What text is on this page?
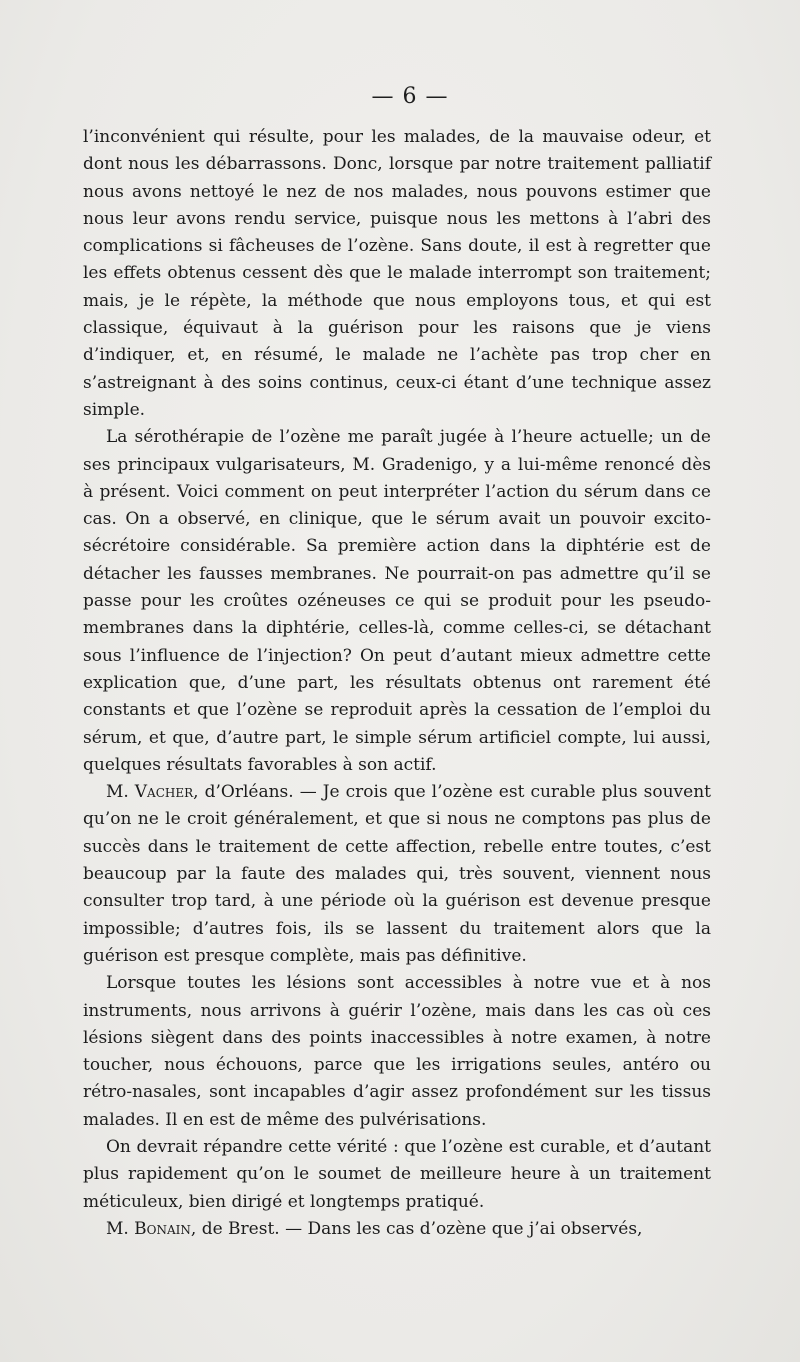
— 6 —

l’inconvénient qui résulte, pour les malades, de la mauvaise odeur, et dont nous les débarrassons. Donc, lorsque par notre traitement palliatif nous avons nettoyé le nez de nos malades, nous pouvons estimer que nous leur avons rendu service, puisque nous les mettons à l’abri des complications si fâcheuses de l’ozène. Sans doute, il est à regretter que les effets obtenus cessent dès que le malade interrompt son traitement; mais, je le répète, la méthode que nous employons tous, et qui est classique, équivaut à la guérison pour les raisons que je viens d’indiquer, et, en résumé, le malade ne l’achète pas trop cher en s’astreignant à des soins continus, ceux-ci étant d’une technique assez simple.

La sérothérapie de l’ozène me paraît jugée à l’heure actuelle; un de ses principaux vulgarisateurs, M. Gradenigo, y a lui-même renoncé dès à présent. Voici comment on peut interpréter l’action du sérum dans ce cas. On a observé, en clinique, que le sérum avait un pouvoir excito-sécrétoire considérable. Sa première action dans la diphtérie est de détacher les fausses membranes. Ne pourrait-on pas admettre qu’il se passe pour les croûtes ozéneuses ce qui se produit pour les pseudo-membranes dans la diphtérie, celles-là, comme celles-ci, se détachant sous l’influence de l’injection? On peut d’autant mieux admettre cette explication que, d’une part, les résultats obtenus ont rarement été constants et que l’ozène se reproduit après la cessation de l’emploi du sérum, et que, d’autre part, le simple sérum artificiel compte, lui aussi, quelques résultats favorables à son actif.

M. Vacher, d’Orléans. — Je crois que l’ozène est curable plus souvent qu’on ne le croit généralement, et que si nous ne comptons pas plus de succès dans le traitement de cette affection, rebelle entre toutes, c’est beaucoup par la faute des malades qui, très souvent, viennent nous consulter trop tard, à une période où la guérison est devenue presque impossible; d’autres fois, ils se lassent du traitement alors que la guérison est presque complète, mais pas définitive.

Lorsque toutes les lésions sont accessibles à notre vue et à nos instruments, nous arrivons à guérir l’ozène, mais dans les cas où ces lésions siègent dans des points inaccessibles à notre examen, à notre toucher, nous échouons, parce que les irrigations seules, antéro ou rétro-nasales, sont incapables d’agir assez profondément sur les tissus malades. Il en est de même des pulvérisations.

On devrait répandre cette vérité : que l’ozène est curable, et d’autant plus rapidement qu’on le soumet de meilleure heure à un traitement méticuleux, bien dirigé et longtemps pratiqué.

M. Bonain, de Brest. — Dans les cas d’ozène que j’ai observés,
